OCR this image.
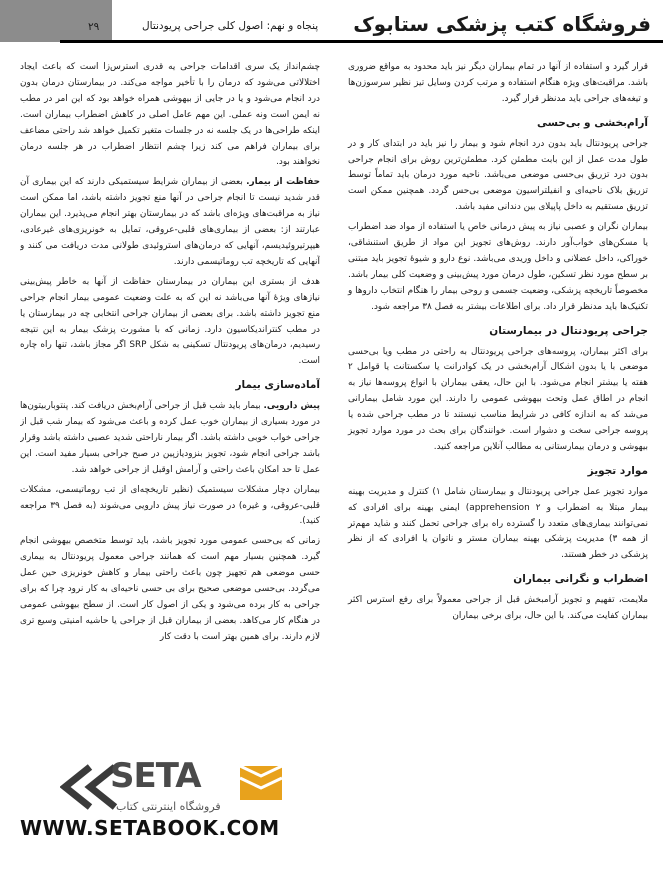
فروشگاه کتب پزشکی ستابوک
پنجاه و نهم: اصول کلی جراحی پریودنتال
۲۹

قرار گیرد و استفاده از آنها در تمام بیماران دیگر نیز باید محدود به مواقع ضروری باشد. مراقبت‌های ویژه هنگام استفاده و مرتب کردن وسایل تیز نظیر سرسوزن‌ها و تیغه‌های جراحی باید مدنظر قرار گیرد.

آرام‌بخشی و بی‌حسی

جراحی پریودنتال باید بدون درد انجام شود و بیمار را نیز باید در ابتدای کار و در طول مدت عمل از این بابت مطمئن کرد. مطمئن‌ترین روش برای انجام جراحی بدون درد تزریق بی‌حسی موضعی می‌باشد. ناحیه مورد درمان باید تماماً توسط تزریق بلاک ناحیه‌ای و انفیلتراسیون موضعی بی‌حس گردد. همچنین ممکن است تزریق مستقیم به داخل پاپیلای بین دندانی مفید باشد.

بیماران نگران و عصبی نیاز به پیش درمانی خاص یا استفاده از مواد ضد اضطراب یا مسکن‌های خواب‌آور دارند. روش‌های تجویز این مواد از طریق استنشاقی، خوراکی، داخل عضلانی و داخل وریدی می‌باشد. نوع دارو و شیوهٔ تجویز باید مبتنی بر سطح مورد نظر تسکین، طول درمان مورد پیش‌بینی و وضعیت کلی بیمار باشد. مخصوصاً تاریخچه پزشکی، وضعیت جسمی و روحی بیمار را هنگام انتخاب داروها و تکنیک‌ها باید مدنظر قرار داد. برای اطلاعات بیشتر به فصل ۳۸ مراجعه شود.

جراحی پریودنتال در بیمارستان

برای اکثر بیماران، پروسه‌های جراحی پریودنتال به راحتی در مطب ویا بی‌حسی موضعی با یا بدون اشکال آرام‌بخشی در یک کوادرانت یا سکستانت یا قوامل ۲ هفته یا بیشتر انجام می‌شود. با این حال، یعقی بیماران با انواع پروسه‌ها نیاز به انجام در اطاق عمل وتحت بیهوشی عمومی را دارند. این مورد شامل بیمارانی می‌شد که به اندازه کافی در شرایط مناسب نیستند تا در مطب جراحی شده یا پروسه جراحی سخت و دشوار است. خوانندگان برای بحث در مورد موارد تجویز بیهوشی و درمان بیمارستانی به مطالب آنلاین مراجعه کنید.

موارد تجویز

موارد تجویز عمل جراحی پریودنتال و بیمارستان شامل ۱) کنترل و مدیریت بهینه بیمار مبتلا به اضطراب و apprehension ۲) ایمنی بهینه برای افرادی که نمی‌توانند بیماری‌های متعدد را گسترده راه برای جراحی تحمل کنند و شاید مهم‌تر از همه ۳) مدیریت پزشکی بهینه بیماران مستر و ناتوان یا افرادی که از نظر پزشکی در خطر هستند.

اضطراب و نگرانی بیماران

ملایمت، تفهیم و تجویز آرامبخش قبل از جراحی معمولاً برای رفع استرس اکثر بیماران کفایت می‌کند. با این حال، برای برخی بیماران

چشم‌انداز یک سری اقدامات جراحی یه قدری استرس‌زا است که باعث ایجاد اختلالاتی می‌شود که درمان را با تأخیر مواجه می‌کند. در بیمارستان درمان بدون درد انجام می‌شود و یا در جایی از بیهوشی همراه خواهد بود که این امر در مطب نه ایمن است ونه عملی. این مهم عامل اصلی در کاهش اضطراب بیماران است. اینکه طراحی‌ها در یک جلسه نه در جلسات متغیر تکمیل خواهد شد راحتی مضاعف برای بیماران فراهم می کند زیرا چشم انتظار اضطراب در هر جلسه درمان نخواهند بود.

حفاظت از بیمار. بعضی از بیماران شرایط سیستمیکی دارند که این بیماری آن قدر شدید نیست تا انجام جراحی در آنها منع تجویز داشته باشد، اما ممکن است نیاز به مراقبت‌های ویژه‌ای باشد که در بیمارستان بهتر انجام می‌پذیرد. این بیماران عبارتند از: بعضی از بیماری‌های قلبی-عروقی، تمایل به خونریزی‌های غیرعادی، هیپرتیروئیدیسم، آنهایی که درمان‌های استروئیدی طولانی مدت دریافت می کنند و آنهایی که تاریخچه تب روماتیسمی دارند.

هدف از بستری این بیماران در بیمارستان حفاظت از آنها به خاطر پیش‌بینی نیازهای ویژهٔ آنها می‌باشد نه این که به علت وضعیت عمومی بیمار انجام جراحی منع تجویز داشته باشد. برای بعضی از بیماران جراحی انتخابی چه در بیمارستان یا در مطب کنتراندیکاسیون دارد. زمانی که با مشورت پزشک بیمار به این نتیجه رسیدیم، درمان‌های پریودنتال تسکینی به شکل SRP اگر مجاز باشد، تنها راه چاره است.

آماده‌سازی بیمار

پیش دارویی. بیمار باید شب قبل از جراحی آرام‌بخش دریافت کند. پنتوباربیتون‌ها در مورد بسیاری از بیماران خوب عمل کرده و باعث می‌شود که بیمار شب قبل از جراحی خواب خوبی داشته باشد. اگر بیمار ناراحتی شدید عصبی داشته باشد وقرار باشد جراحی انجام شود، تجویز بنزودیازپین در صبح جراحی بسیار مفید است. این عمل تا حد امکان باعث راحتی و آرامش اوقبل از جراحی خواهد شد.

بیماران دچار مشکلات سیستمیک (نظیر تاریخچه‌ای از تب روماتیسمی، مشکلات قلبی-عروقی، و غیره) در صورت نیاز پیش دارویی می‌شوند (به فصل ۳۹ مراجعه کنید).

زمانی که بی‌حسی عمومی مورد تجویز باشد، باید توسط متخصص بیهوشی انجام گیرد. همچنین بسیار مهم است که همانند جراحی معمول پریودنتال به بیماری حسی موضعی هم تجهیز چون باعث راحتی بیمار و کاهش خونریزی حین عمل می‌گردد. بی‌حسی موضعی صحیح برای بی‌ حسی ناحیه‌ای به کار نرود چرا که برای جراحی به کار برده می‌شود و یکی از اصول کار است. از سطح بیهوشی عمومی در هنگام کار می‌کاهد. بعضی از بیماران قبل از جراحی یا حاشیه امنیتی وسیع تری لازم دارند. برای همین بهتر است با دقت کار

SETA
فروشگاه اینترنتی کتاب
WWW.SETABOOK.COM
